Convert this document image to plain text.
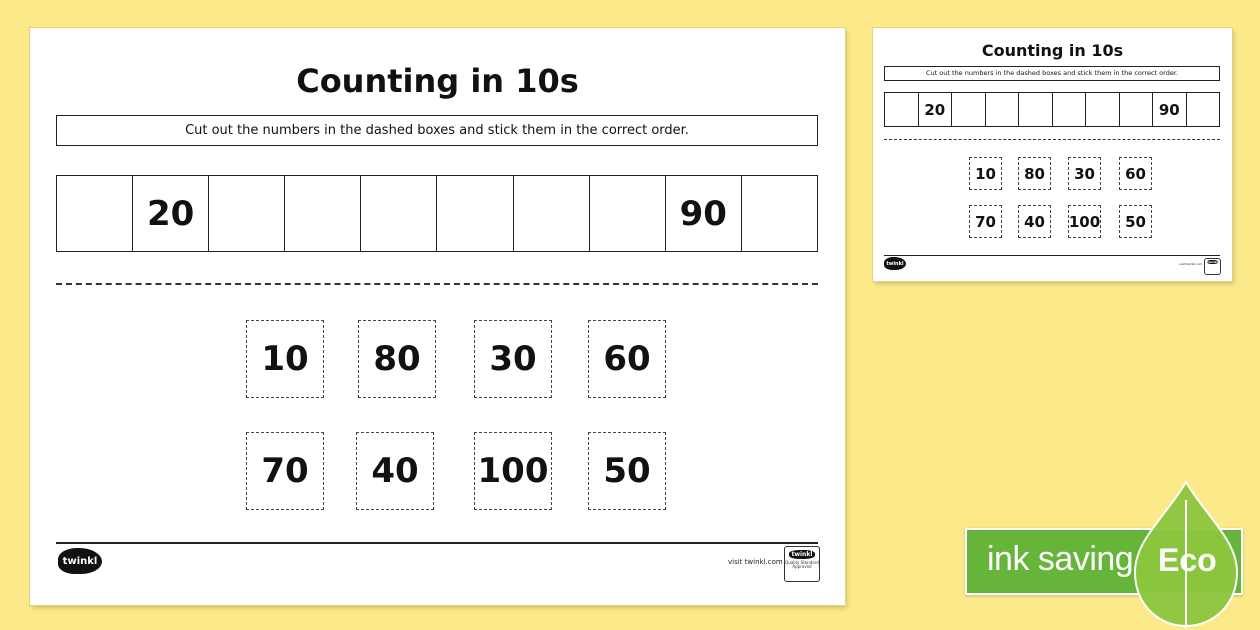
Counting in 10s
Cut out the numbers in the dashed boxes and stick them in the correct order.
20	90
10	80	30	60
70	40	100	50
twinkl	visit twinkl.com
twinkl
Quality Standard Approved
Counting in 10s
Cut out the numbers in the dashed boxes and stick them in the correct order.
20	90
10	80	30	60
70	40	100	50
twinkl	visit twinkl.com twinkl
ink saving Eco
